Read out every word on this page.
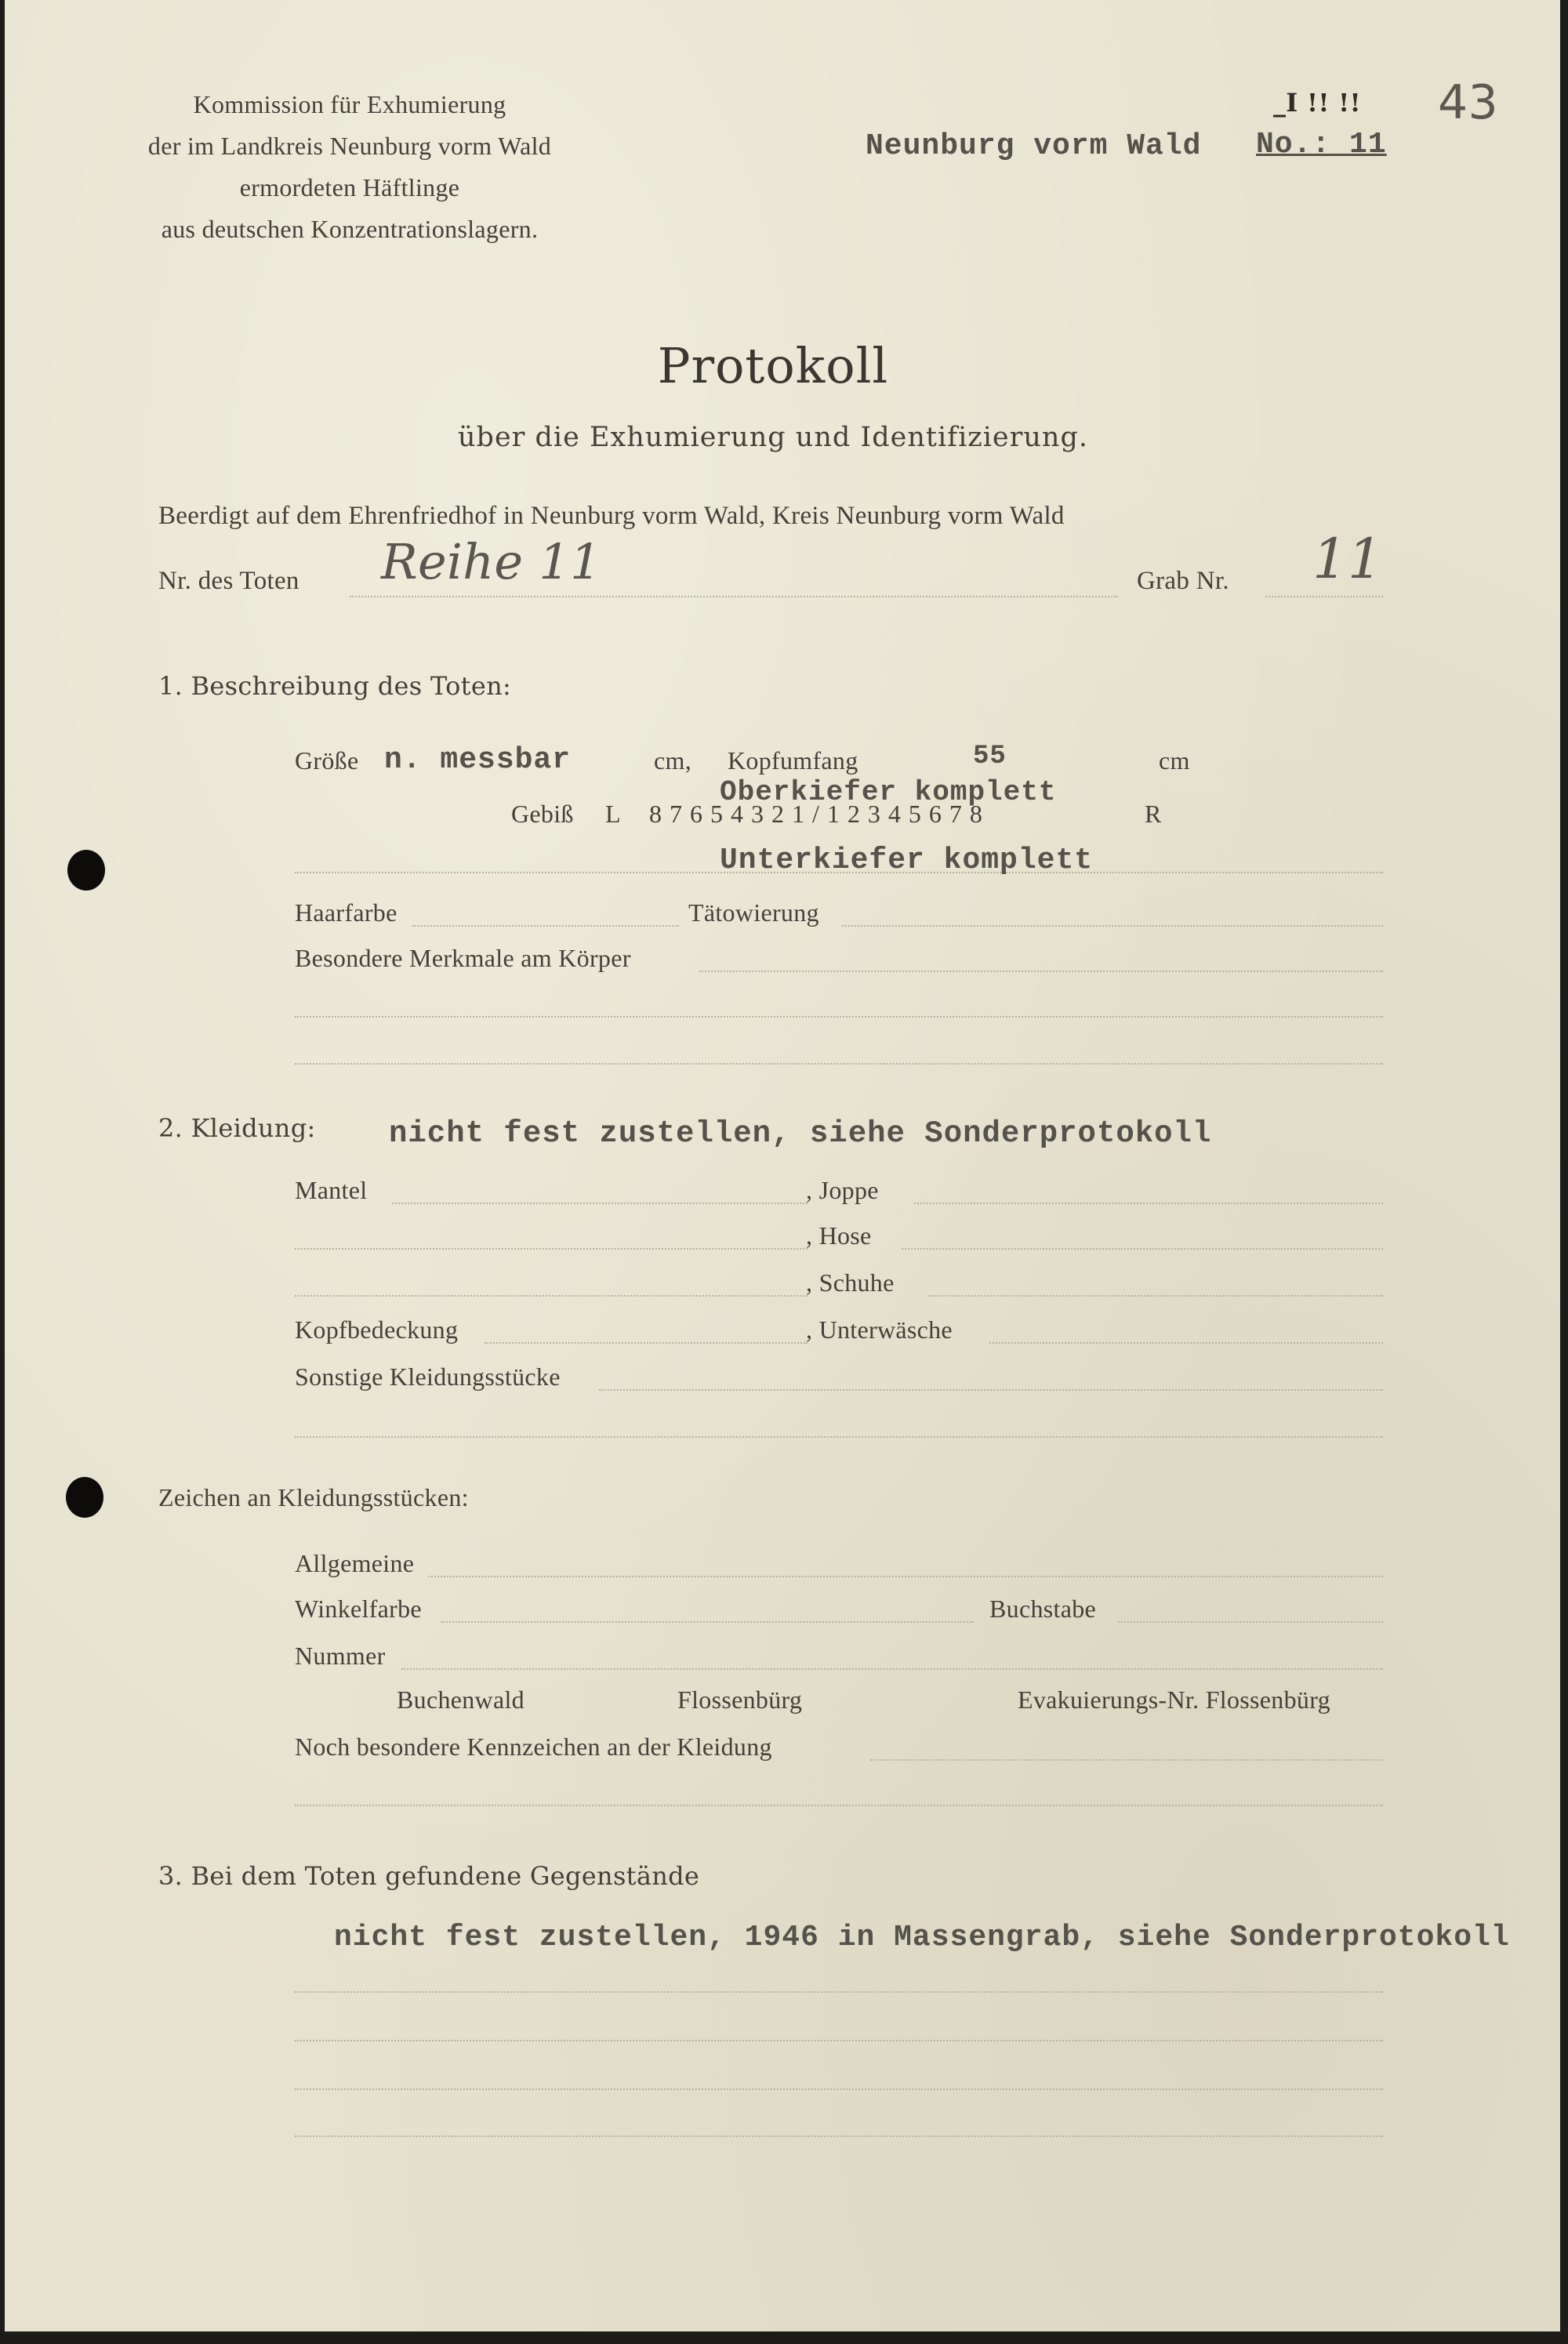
Kommission für Exhumierung
der im Landkreis Neunburg vorm Wald
ermordeten Häftlinge
aus deutschen Konzentrationslagern.
Neunburg vorm Wald No.: 11
_I !! !! 43
Protokoll
über die Exhumierung und Identifizierung.
Beerdigt auf dem Ehrenfriedhof in Neunburg vorm Wald, Kreis Neunburg vorm Wald
Nr. des Toten Reihe 11	Grab Nr. 11
1. Beschreibung des Toten:
Größe n. messbar	cm, Kopfumfang	55	cm
Gebiß L 8 7 6 5 4 3 2 1 / 1 2 3 4 5 6 7 8	R
Oberkiefer komplett
Unterkiefer komplett
Haarfarbe	Tätowierung
Besondere Merkmale am Körper
2. Kleidung: nicht fest zustellen, siehe Sonderprotokoll
Mantel	, Joppe
, Hose
, Schuhe
Kopfbedeckung	, Unterwäsche
Sonstige Kleidungsstücke
Zeichen an Kleidungsstücken:
Allgemeine
Winkelfarbe	Buchstabe
Nummer
Buchenwald	Flossenbürg	Evakuierungs-Nr. Flossenbürg
Noch besondere Kennzeichen an der Kleidung
3. Bei dem Toten gefundene Gegenstände
nicht fest zustellen, 1946 in Massengrab, siehe Sonderprotokoll
